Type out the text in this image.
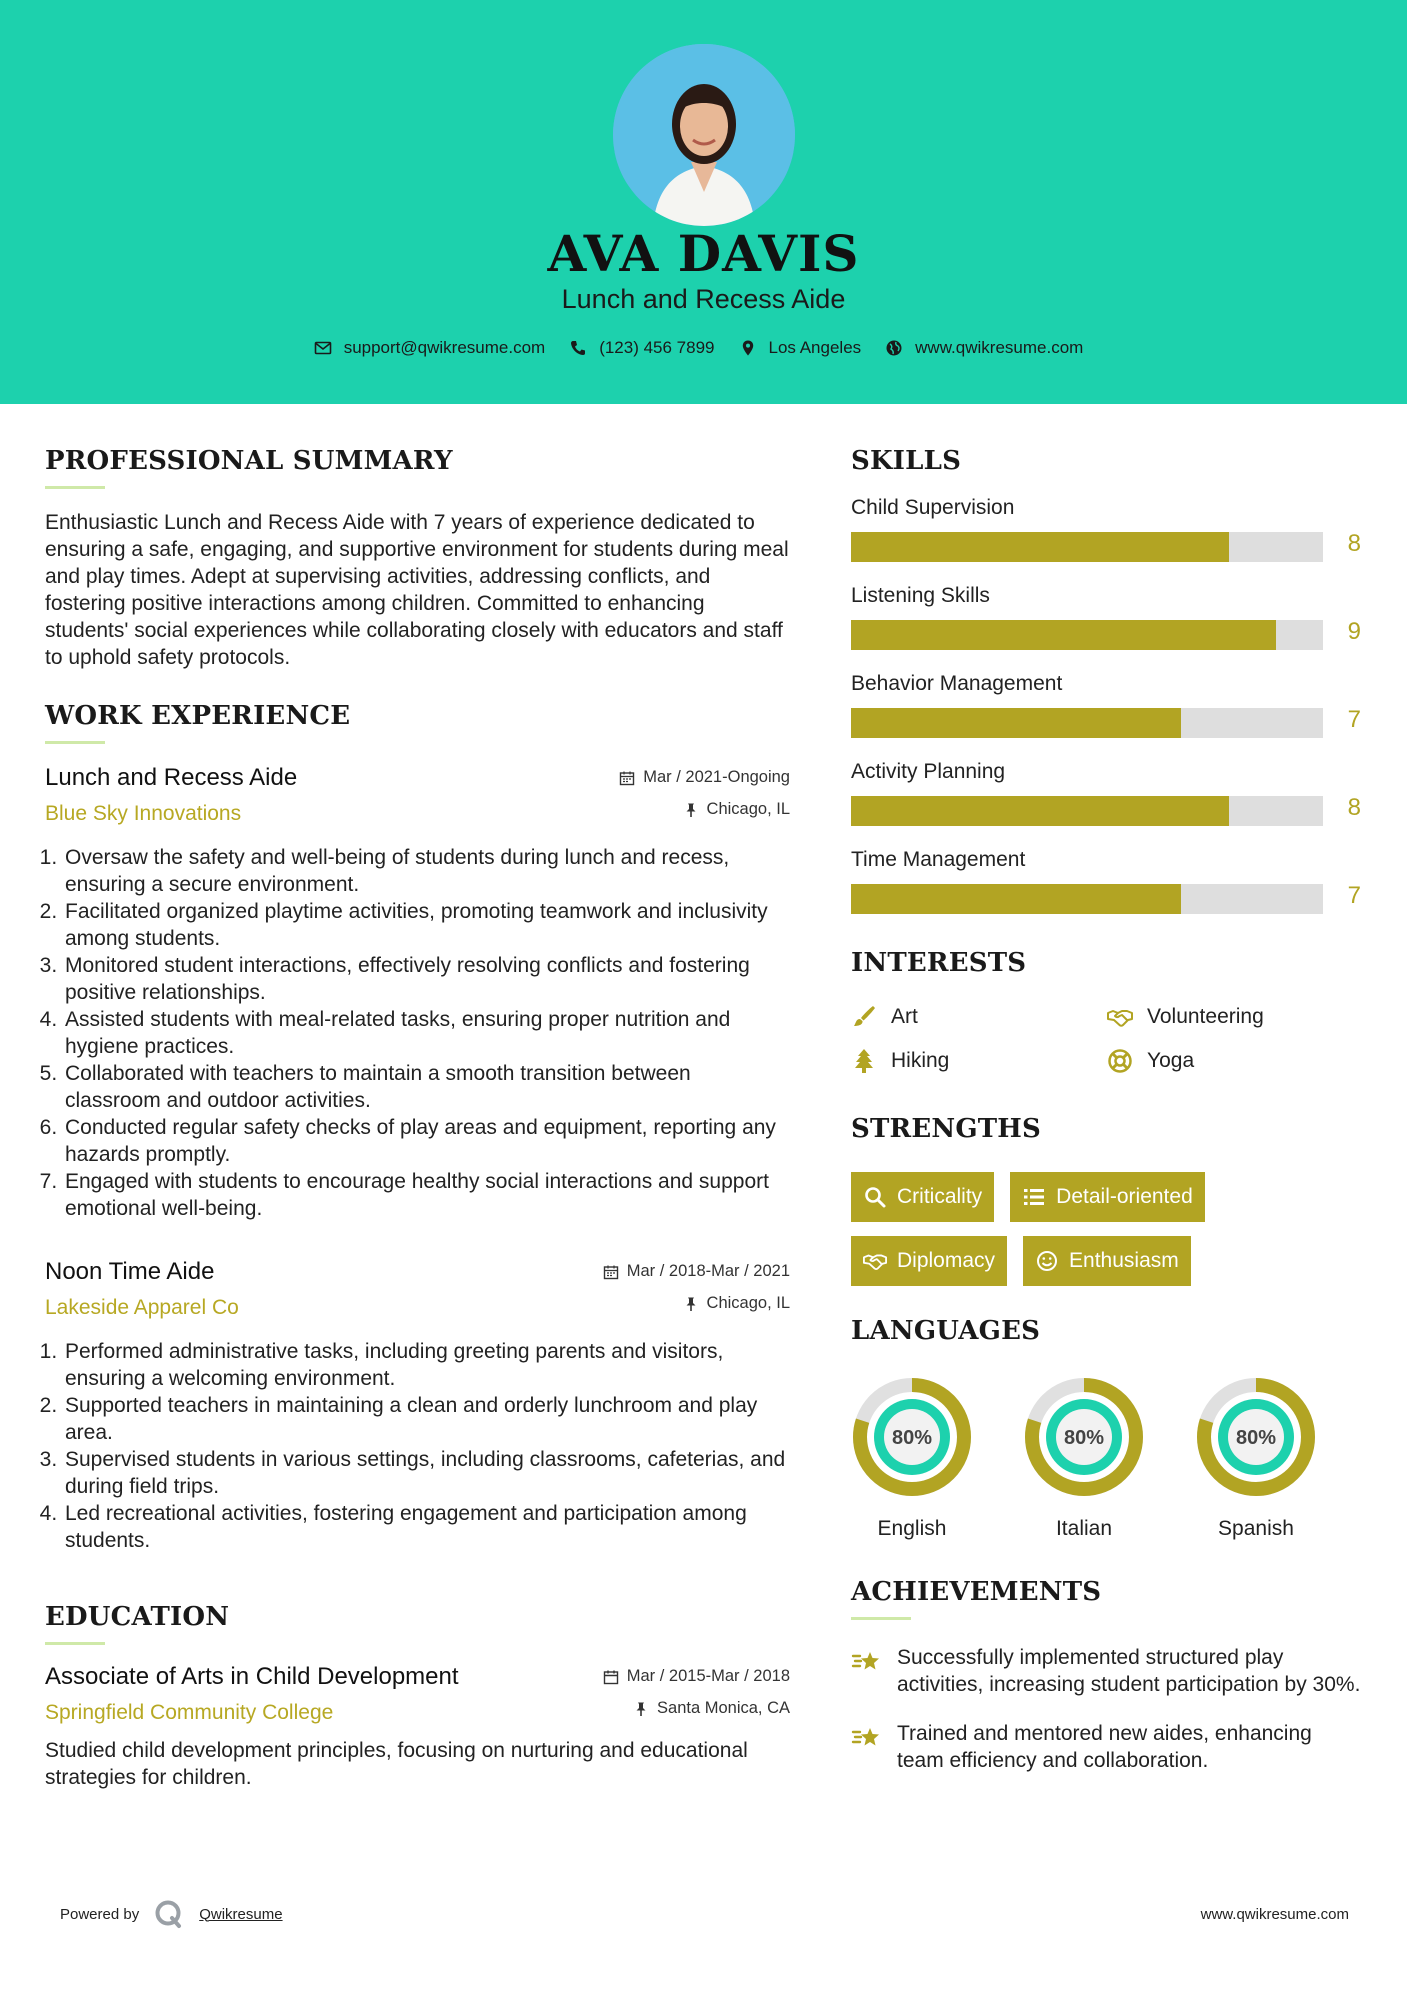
AVA DAVIS
Lunch and Recess Aide
support@qwikresume.com	(123) 456 7899	Los Angeles	www.qwikresume.com
PROFESSIONAL SUMMARY
Enthusiastic Lunch and Recess Aide with 7 years of experience dedicated to ensuring a safe, engaging, and supportive environment for students during meal and play times. Adept at supervising activities, addressing conflicts, and fostering positive interactions among children. Committed to enhancing students' social experiences while collaborating closely with educators and staff to uphold safety protocols.
WORK EXPERIENCE
Mar / 2021-Ongoing
Chicago, IL
Lunch and Recess Aide
Blue Sky Innovations
1. Oversaw the safety and well-being of students during lunch and recess, ensuring a secure environment.
2. Facilitated organized playtime activities, promoting teamwork and inclusivity among students.
3. Monitored student interactions, effectively resolving conflicts and fostering positive relationships.
4. Assisted students with meal-related tasks, ensuring proper nutrition and hygiene practices.
5. Collaborated with teachers to maintain a smooth transition between classroom and outdoor activities.
6. Conducted regular safety checks of play areas and equipment, reporting any hazards promptly.
7. Engaged with students to encourage healthy social interactions and support emotional well-being.
Mar / 2018-Mar / 2021
Chicago, IL
Noon Time Aide
Lakeside Apparel Co
1. Performed administrative tasks, including greeting parents and visitors, ensuring a welcoming environment.
2. Supported teachers in maintaining a clean and orderly lunchroom and play area.
3. Supervised students in various settings, including classrooms, cafeterias, and during field trips.
4. Led recreational activities, fostering engagement and participation among students.
EDUCATION
Mar / 2015-Mar / 2018
Santa Monica, CA
Associate of Arts in Child Development
Springfield Community College
Studied child development principles, focusing on nurturing and educational strategies for children.
SKILLS
Child Supervision
8
Listening Skills
9
Behavior Management
7
Activity Planning
8
Time Management
7
INTERESTS
Art	Volunteering
Hiking	Yoga
STRENGTHS
Criticality	Detail-oriented
Diplomacy	Enthusiasm
LANGUAGES
80%
English
80%
Italian
80%
Spanish
ACHIEVEMENTS
Successfully implemented structured play activities, increasing student participation by 30%.
Trained and mentored new aides, enhancing team efficiency and collaboration.
Powered by	Qwikresume	www.qwikresume.com
